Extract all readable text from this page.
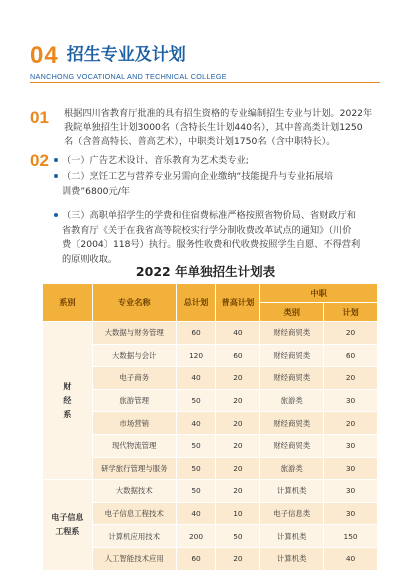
04 招生专业及计划
NANCHONG VOCATIONAL AND TECHNICAL COLLEGE
01 根据四川省教育厅批准的具有招生资格的专业编制招生专业与计划。2022年
我院单独招生计划3000名（含特长生计划440名），其中普高类计划1250
名（含普高特长、普高艺术），中职类计划1750名（含中职特长）。
02	（一）广告艺术设计、音乐教育为艺术类专业;
（二）烹饪工艺与营养专业另需向企业缴纳“技能提升与专业拓展培
训费”6800元/年
（三）高职单招学生的学费和住宿费标准严格按照省物价局、省财政厅和
省教育厅《关于在我省高等院校实行学分制收费改革试点的通知》（川价
费〔2004〕118号）执行。服务性收费和代收费按照学生自愿、不得营利
的原则收取。
2022 年单独招生计划表
系别	专业名称	总计划	普高计划	中职	
				类别	计划

财
经
系	大数据与财务管理	60	40	财经商贸类	20
	大数据与会计	120	60	财经商贸类	60
	电子商务	40	20	财经商贸类	20
	旅游管理	50	20	旅游类	30
	市场营销	40	20	财经商贸类	20
	现代物流管理	50	20	财经商贸类	30
	研学旅行管理与服务	50	20	旅游类	30

电子信息
工程系	大数据技术	50	20	计算机类	30
	电子信息工程技术	40	10	电子信息类	30
	计算机应用技术	200	50	计算机类	150
	人工智能技术应用	60	20	计算机类	40
